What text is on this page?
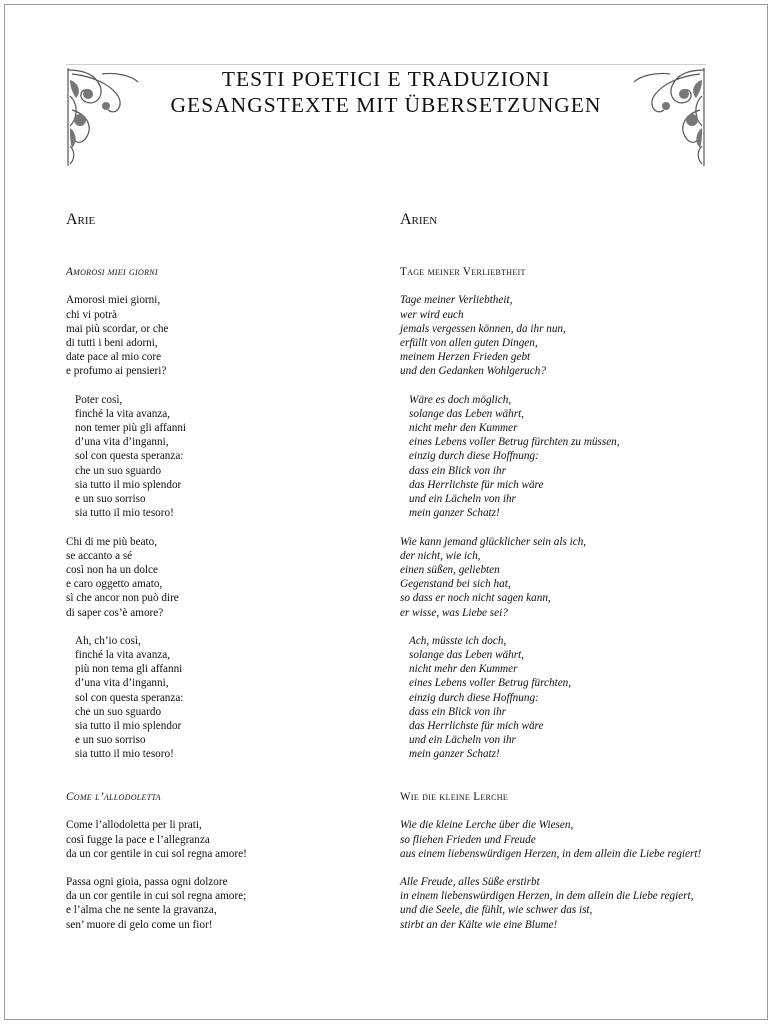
TESTI POETICI E TRADUZIONI
GESANGSTEXTE MIT ÜBERSETZUNGEN
Arie	Arien
Amorosi miei giorni
Amorosi miei giorni,
chi vi potrà
mai più scordar, or che
di tutti i beni adorni,
date pace al mio core
e profumo ai pensieri?
Poter così,
finché la vita avanza,
non temer più gli affanni
d’una vita d’inganni,
sol con questa speranza:
che un suo sguardo
sia tutto il mio splendor
e un suo sorriso
sia tutto il mio tesoro!
Chi di me più beato,
se accanto a sé
così non ha un dolce
e caro oggetto amato,
sì che ancor non può dire
di saper cos’è amore?
Ah, ch’io così,
finché la vita avanza,
più non tema gli affanni
d’una vita d’inganni,
sol con questa speranza:
che un suo sguardo
sia tutto il mio splendor
e un suo sorriso
sia tutto il mio tesoro!
Come l’allodoletta
Come l’allodoletta per li prati,
così fugge la pace e l’allegranza
da un cor gentile in cui sol regna amore!
Passa ogni gioia, passa ogni dolzore
da un cor gentile in cui sol regna amore;
e l’alma che ne sente la gravanza,
sen’ muore di gelo come un fior!
Tage meiner Verliebtheit
Tage meiner Verliebtheit,
wer wird euch
jemals vergessen können, da ihr nun,
erfüllt von allen guten Dingen,
meinem Herzen Frieden gebt
und den Gedanken Wohlgeruch?
Wäre es doch möglich,
solange das Leben währt,
nicht mehr den Kummer
eines Lebens voller Betrug fürchten zu müssen,
einzig durch diese Hoffnung:
dass ein Blick von ihr
das Herrlichste für mich wäre
und ein Lächeln von ihr
mein ganzer Schatz!
Wie kann jemand glücklicher sein als ich,
der nicht, wie ich,
einen süßen, geliebten
Gegenstand bei sich hat,
so dass er noch nicht sagen kann,
er wisse, was Liebe sei?
Ach, müsste ich doch,
solange das Leben währt,
nicht mehr den Kummer
eines Lebens voller Betrug fürchten,
einzig durch diese Hoffnung:
dass ein Blick von ihr
das Herrlichste für mich wäre
und ein Lächeln von ihr
mein ganzer Schatz!
Wie die kleine Lerche
Wie die kleine Lerche über die Wiesen,
so fliehen Frieden und Freude
aus einem liebenswürdigen Herzen, in dem allein die Liebe regiert!
Alle Freude, alles Süße erstirbt
in einem liebenswürdigen Herzen, in dem allein die Liebe regiert,
und die Seele, die fühlt, wie schwer das ist,
stirbt an der Kälte wie eine Blume!
